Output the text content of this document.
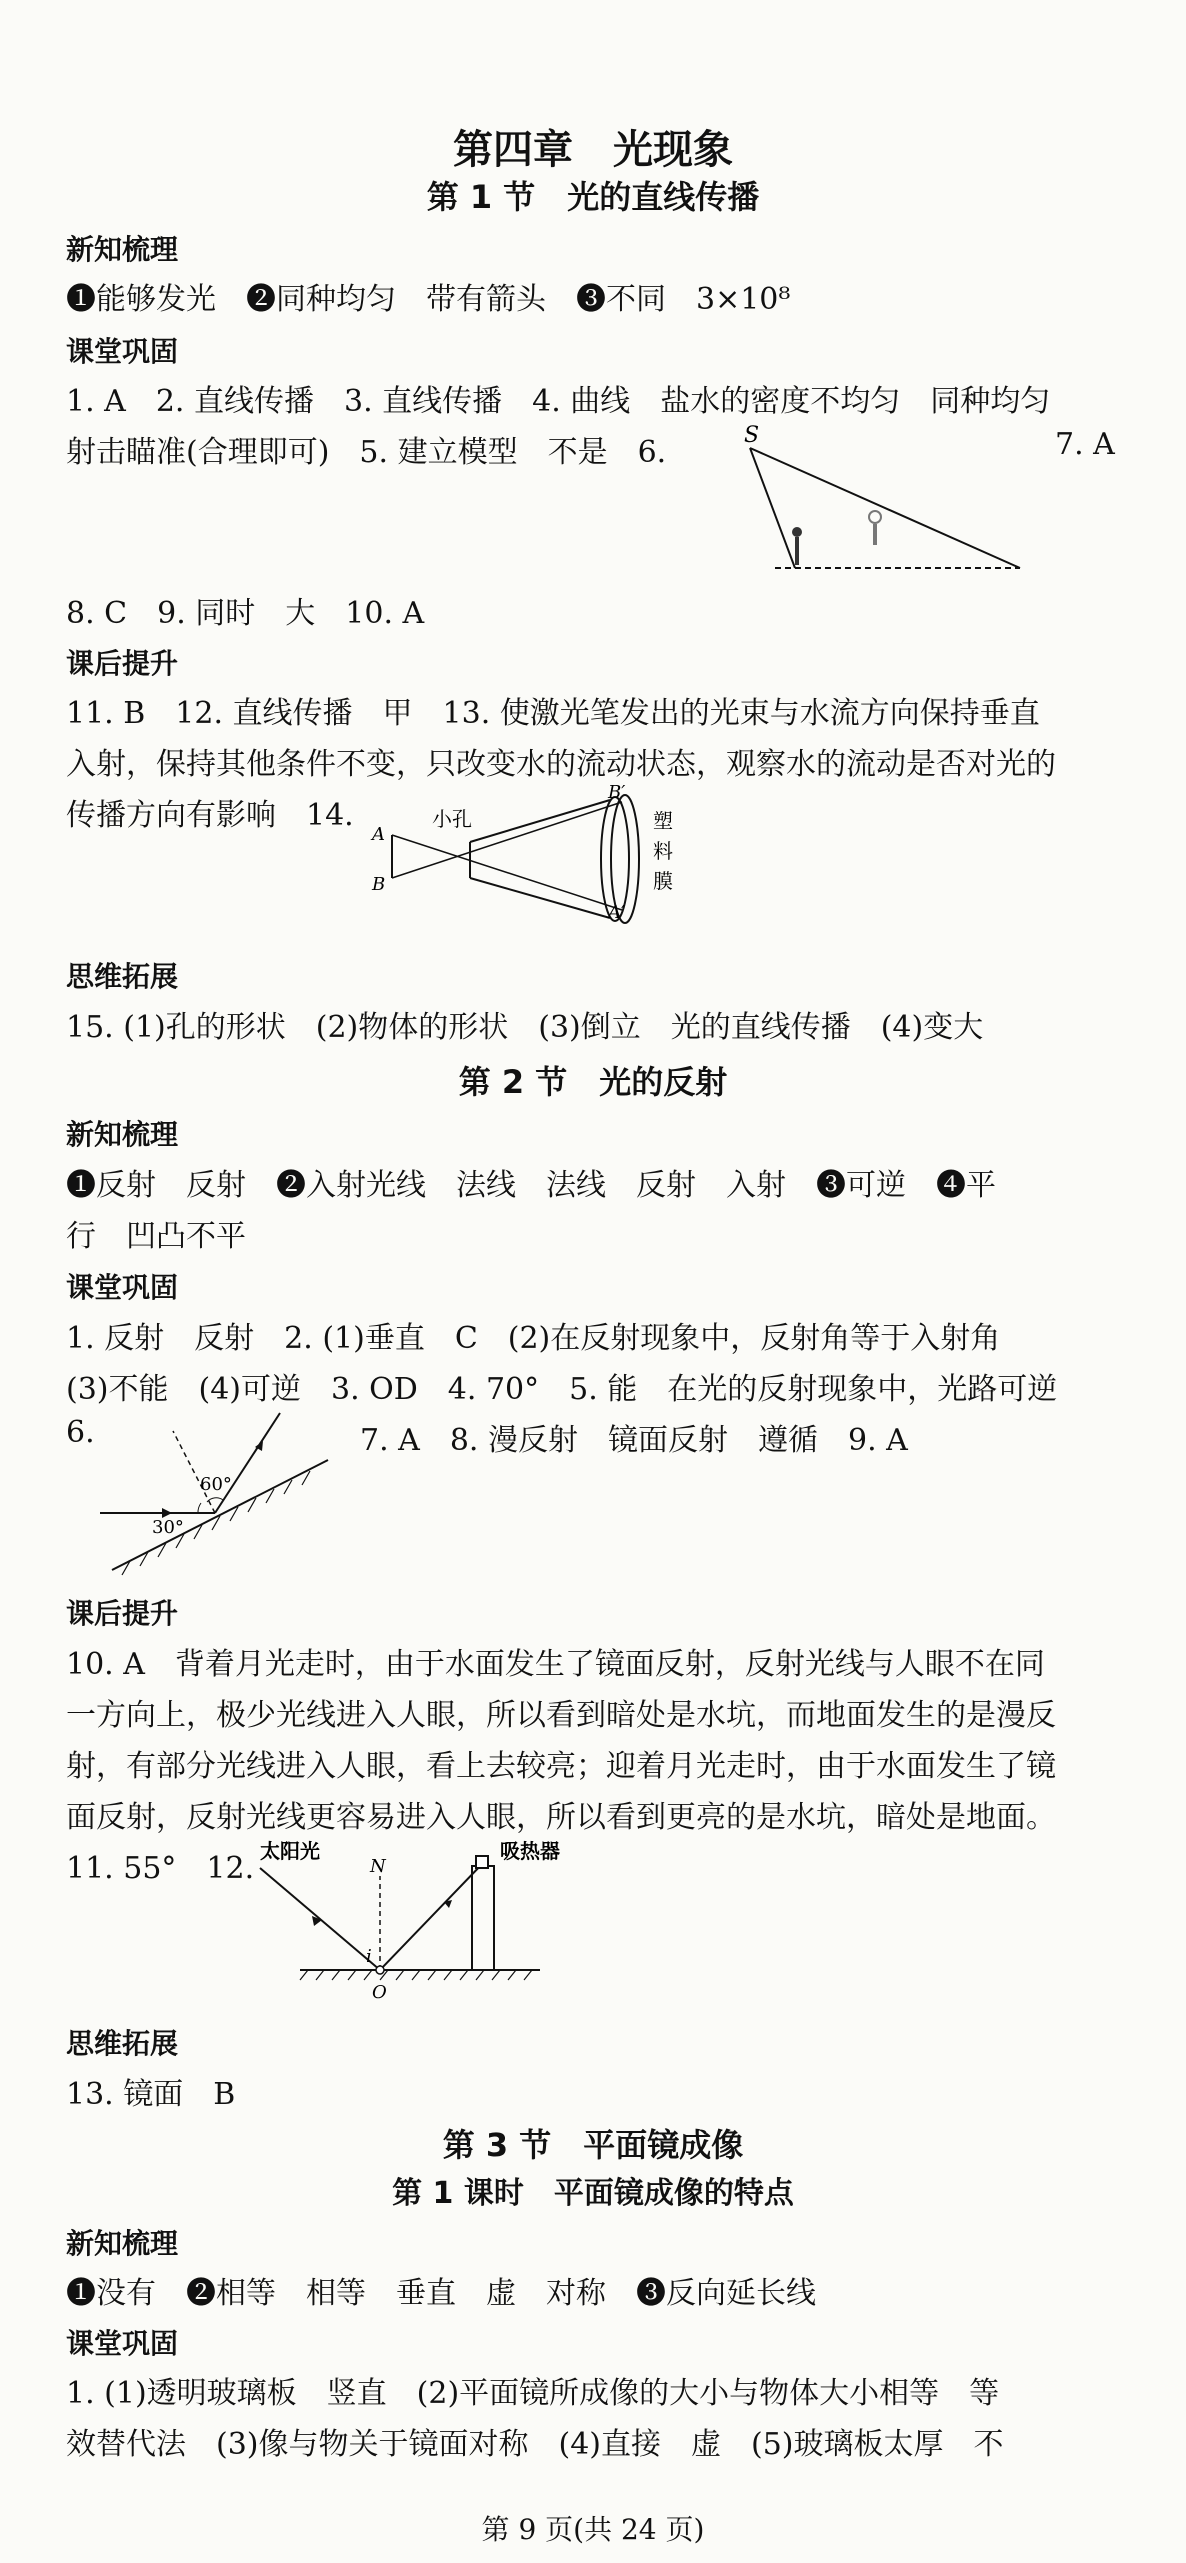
第四章　光现象
第 1 节　光的直线传播
新知梳理
❶能够发光　❷同种均匀　带有箭头　❸不同　3×10⁸
课堂巩固
1. A　2. 直线传播　3. 直线传播　4. 曲线　盐水的密度不均匀　同种均匀
射击瞄准(合理即可)　5. 建立模型　不是　6.	7. A
S
8. C　9. 同时　大　10. A
课后提升
11. B　12. 直线传播　甲　13. 使激光笔发出的光束与水流方向保持垂直
入射，保持其他条件不变，只改变水的流动状态，观察水的流动是否对光的
传播方向有影响　14.
A
B
小孔
B′
A′
塑
料
膜
思维拓展
15. (1)孔的形状　(2)物体的形状　(3)倒立　光的直线传播　(4)变大
第 2 节　光的反射
新知梳理
❶反射　反射　❷入射光线　法线　法线　反射　入射　❸可逆　❹平
行　凹凸不平
课堂巩固
1. 反射　反射　2. (1)垂直　C　(2)在反射现象中，反射角等于入射角
(3)不能　(4)可逆　3. OD　4. 70°　5. 能　在光的反射现象中，光路可逆
6.	7. A　8. 漫反射　镜面反射　遵循　9. A
60°
30°
课后提升
10. A　背着月光走时，由于水面发生了镜面反射，反射光线与人眼不在同
一方向上，极少光线进入人眼，所以看到暗处是水坑，而地面发生的是漫反
射，有部分光线进入人眼，看上去较亮；迎着月光走时，由于水面发生了镜
面反射，反射光线更容易进入人眼，所以看到更亮的是水坑，暗处是地面。
11. 55°　12. 太阳光	吸热器
N
i
O
思维拓展
13. 镜面　B
第 3 节　平面镜成像
第 1 课时　平面镜成像的特点
新知梳理
❶没有　❷相等　相等　垂直　虚　对称　❸反向延长线
课堂巩固
1. (1)透明玻璃板　竖直　(2)平面镜所成像的大小与物体大小相等　等
效替代法　(3)像与物关于镜面对称　(4)直接　虚　(5)玻璃板太厚　不
第 9 页(共 24 页)
